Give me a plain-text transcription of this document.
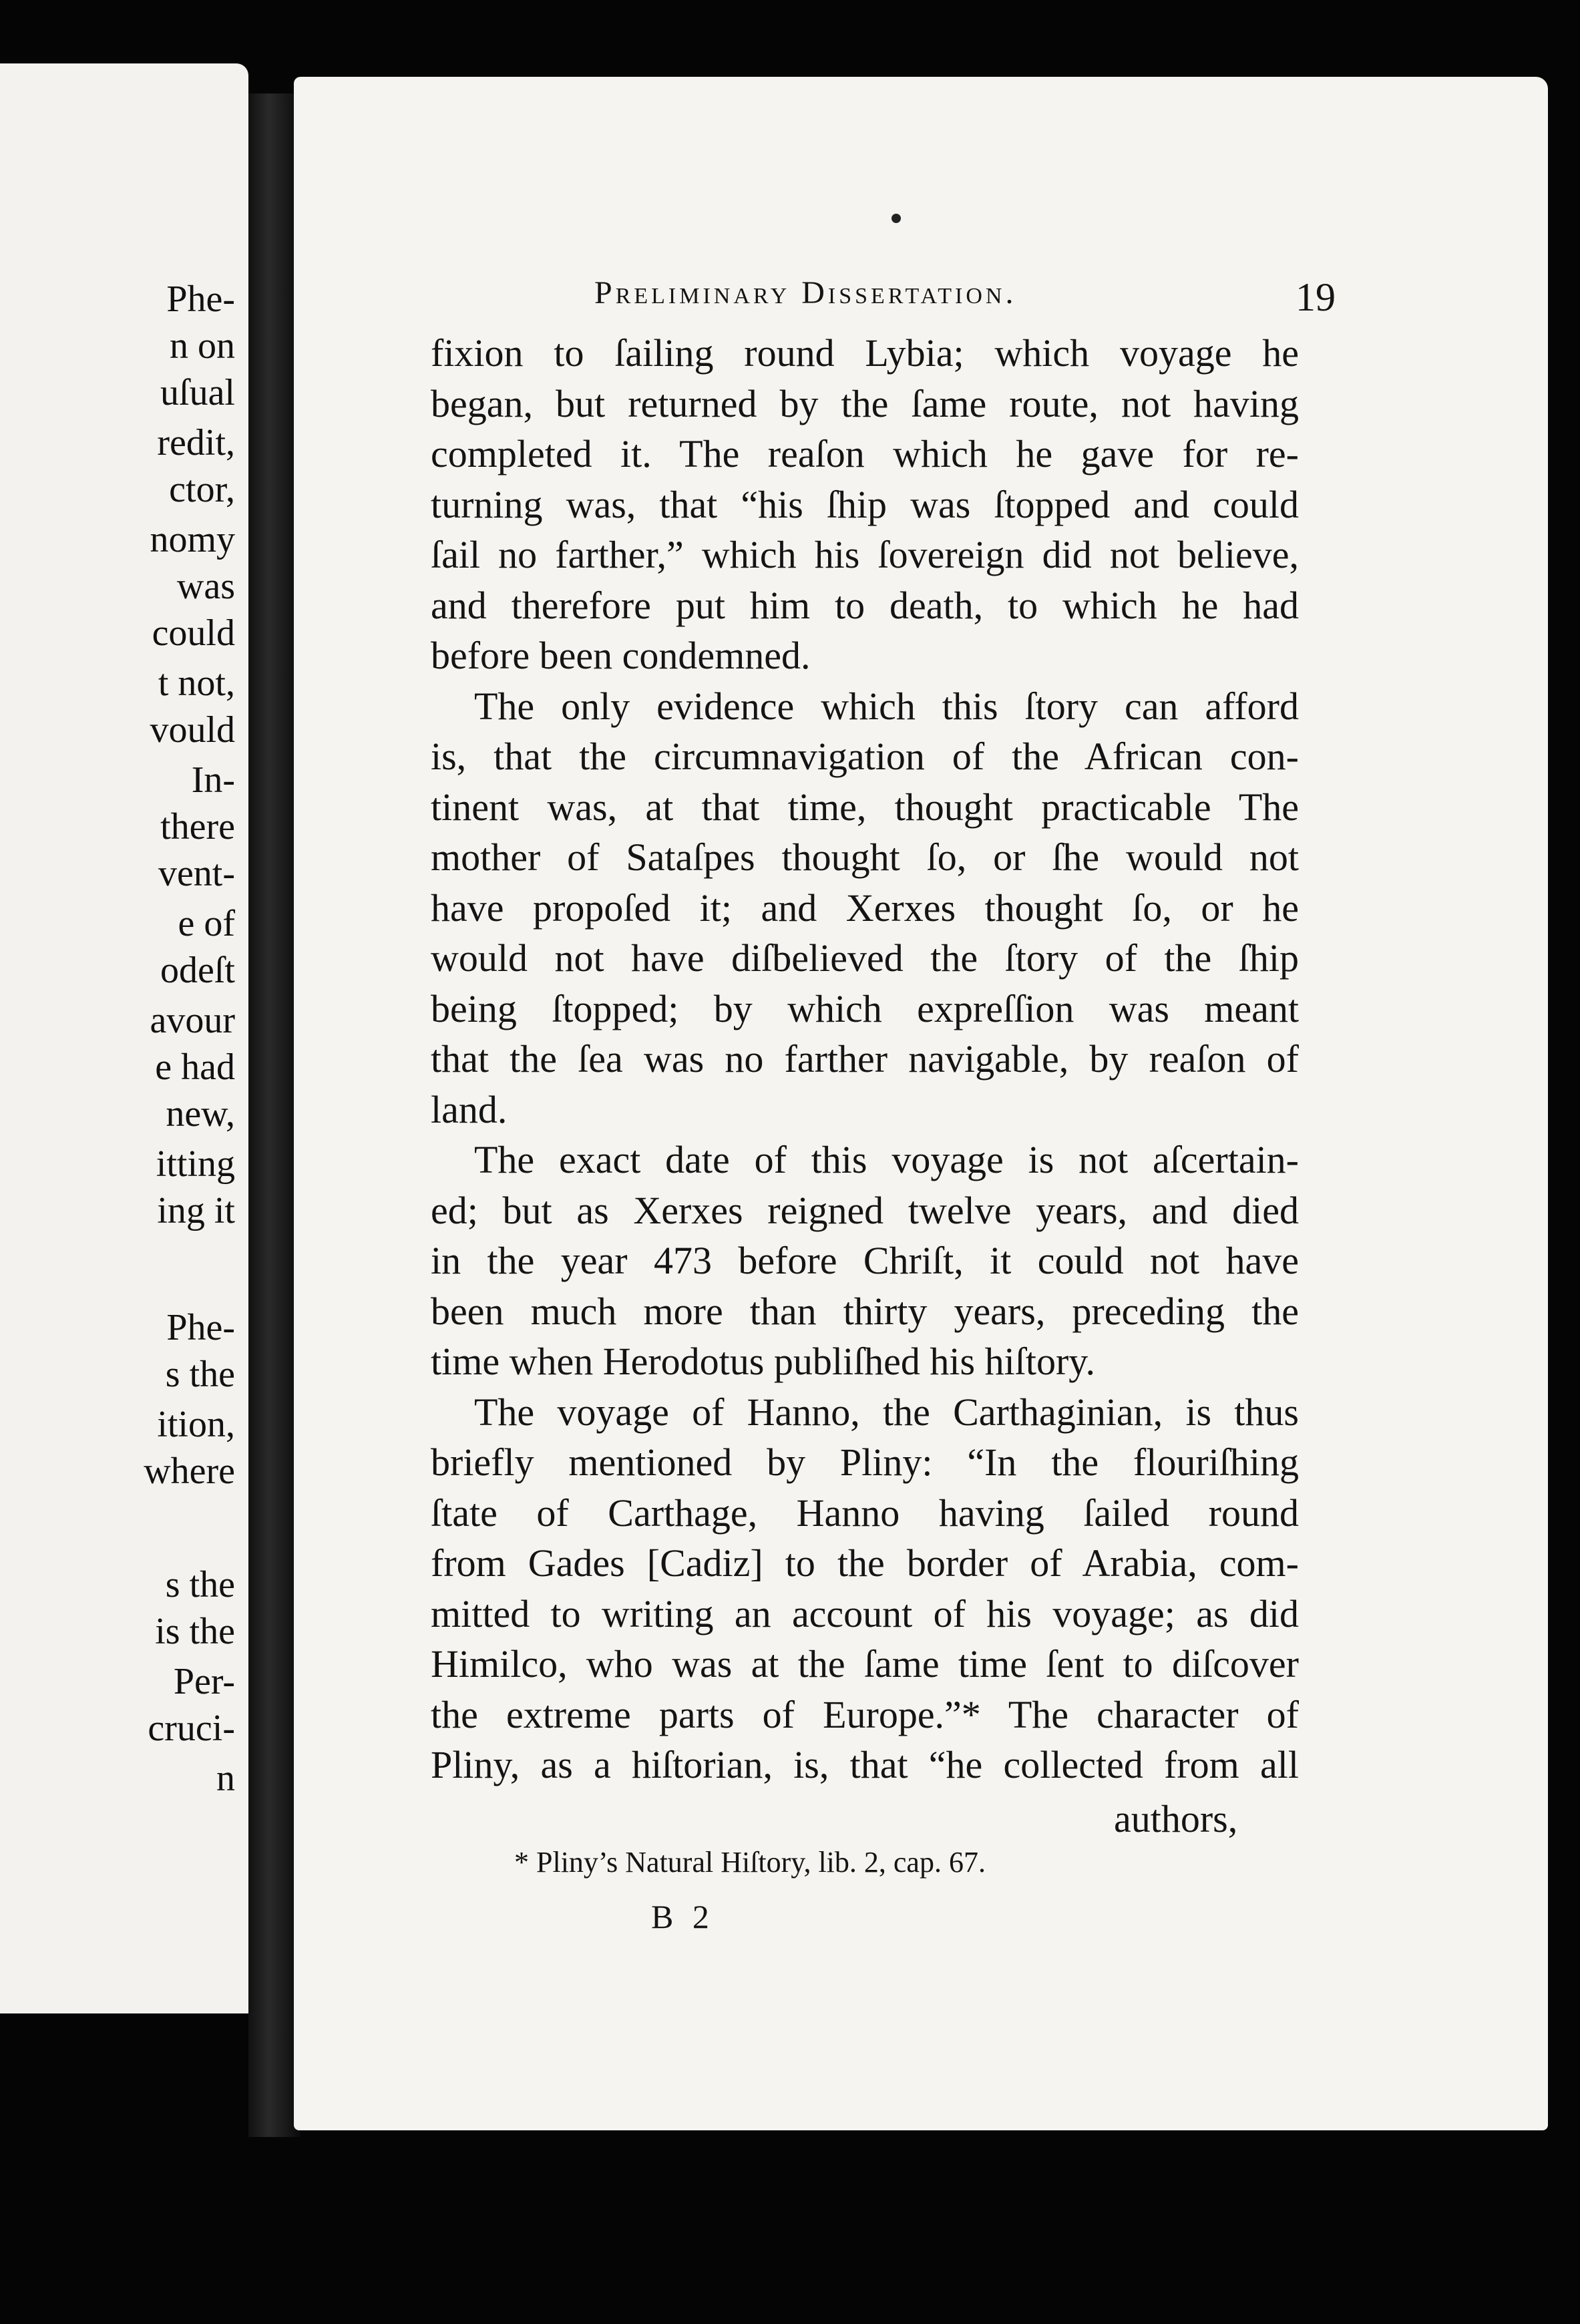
Phe-
n on
uſual
redit,
ctor,
nomy
was
could
t not,
vould
In-
there
vent-
e of
odeſt
avour
e had
new,
itting
ing it
Phe-
s the
ition,
where
s the
is the
Per-
cruci-
n
Preliminary Dissertation.	19
fixion to ſailing round Lybia; which voyage he
began, but returned by the ſame route, not having
completed it. The reaſon which he gave for re-
turning was, that “his ſhip was ſtopped and could
ſail no farther,” which his ſovereign did not believe,
and therefore put him to death, to which he had
before been condemned.
The only evidence which this ſtory can afford
is, that the circumnavigation of the African con-
tinent was, at that time, thought practicable The
mother of Sataſpes thought ſo, or ſhe would not
have propoſed it; and Xerxes thought ſo, or he
would not have diſbelieved the ſtory of the ſhip
being ſtopped; by which expreſſion was meant
that the ſea was no farther navigable, by reaſon of
land.
The exact date of this voyage is not aſcertain-
ed; but as Xerxes reigned twelve years, and died
in the year 473 before Chriſt, it could not have
been much more than thirty years, preceding the
time when Herodotus publiſhed his hiſtory.
The voyage of Hanno, the Carthaginian, is thus
briefly mentioned by Pliny: “In the flouriſhing
ſtate of Carthage, Hanno having ſailed round
from Gades [Cadiz] to the border of Arabia, com-
mitted to writing an account of his voyage; as did
Himilco, who was at the ſame time ſent to diſcover
the extreme parts of Europe.”* The character of
Pliny, as a hiſtorian, is, that “he collected from all
authors,
* Pliny’s Natural Hiſtory, lib. 2, cap. 67.
B 2
